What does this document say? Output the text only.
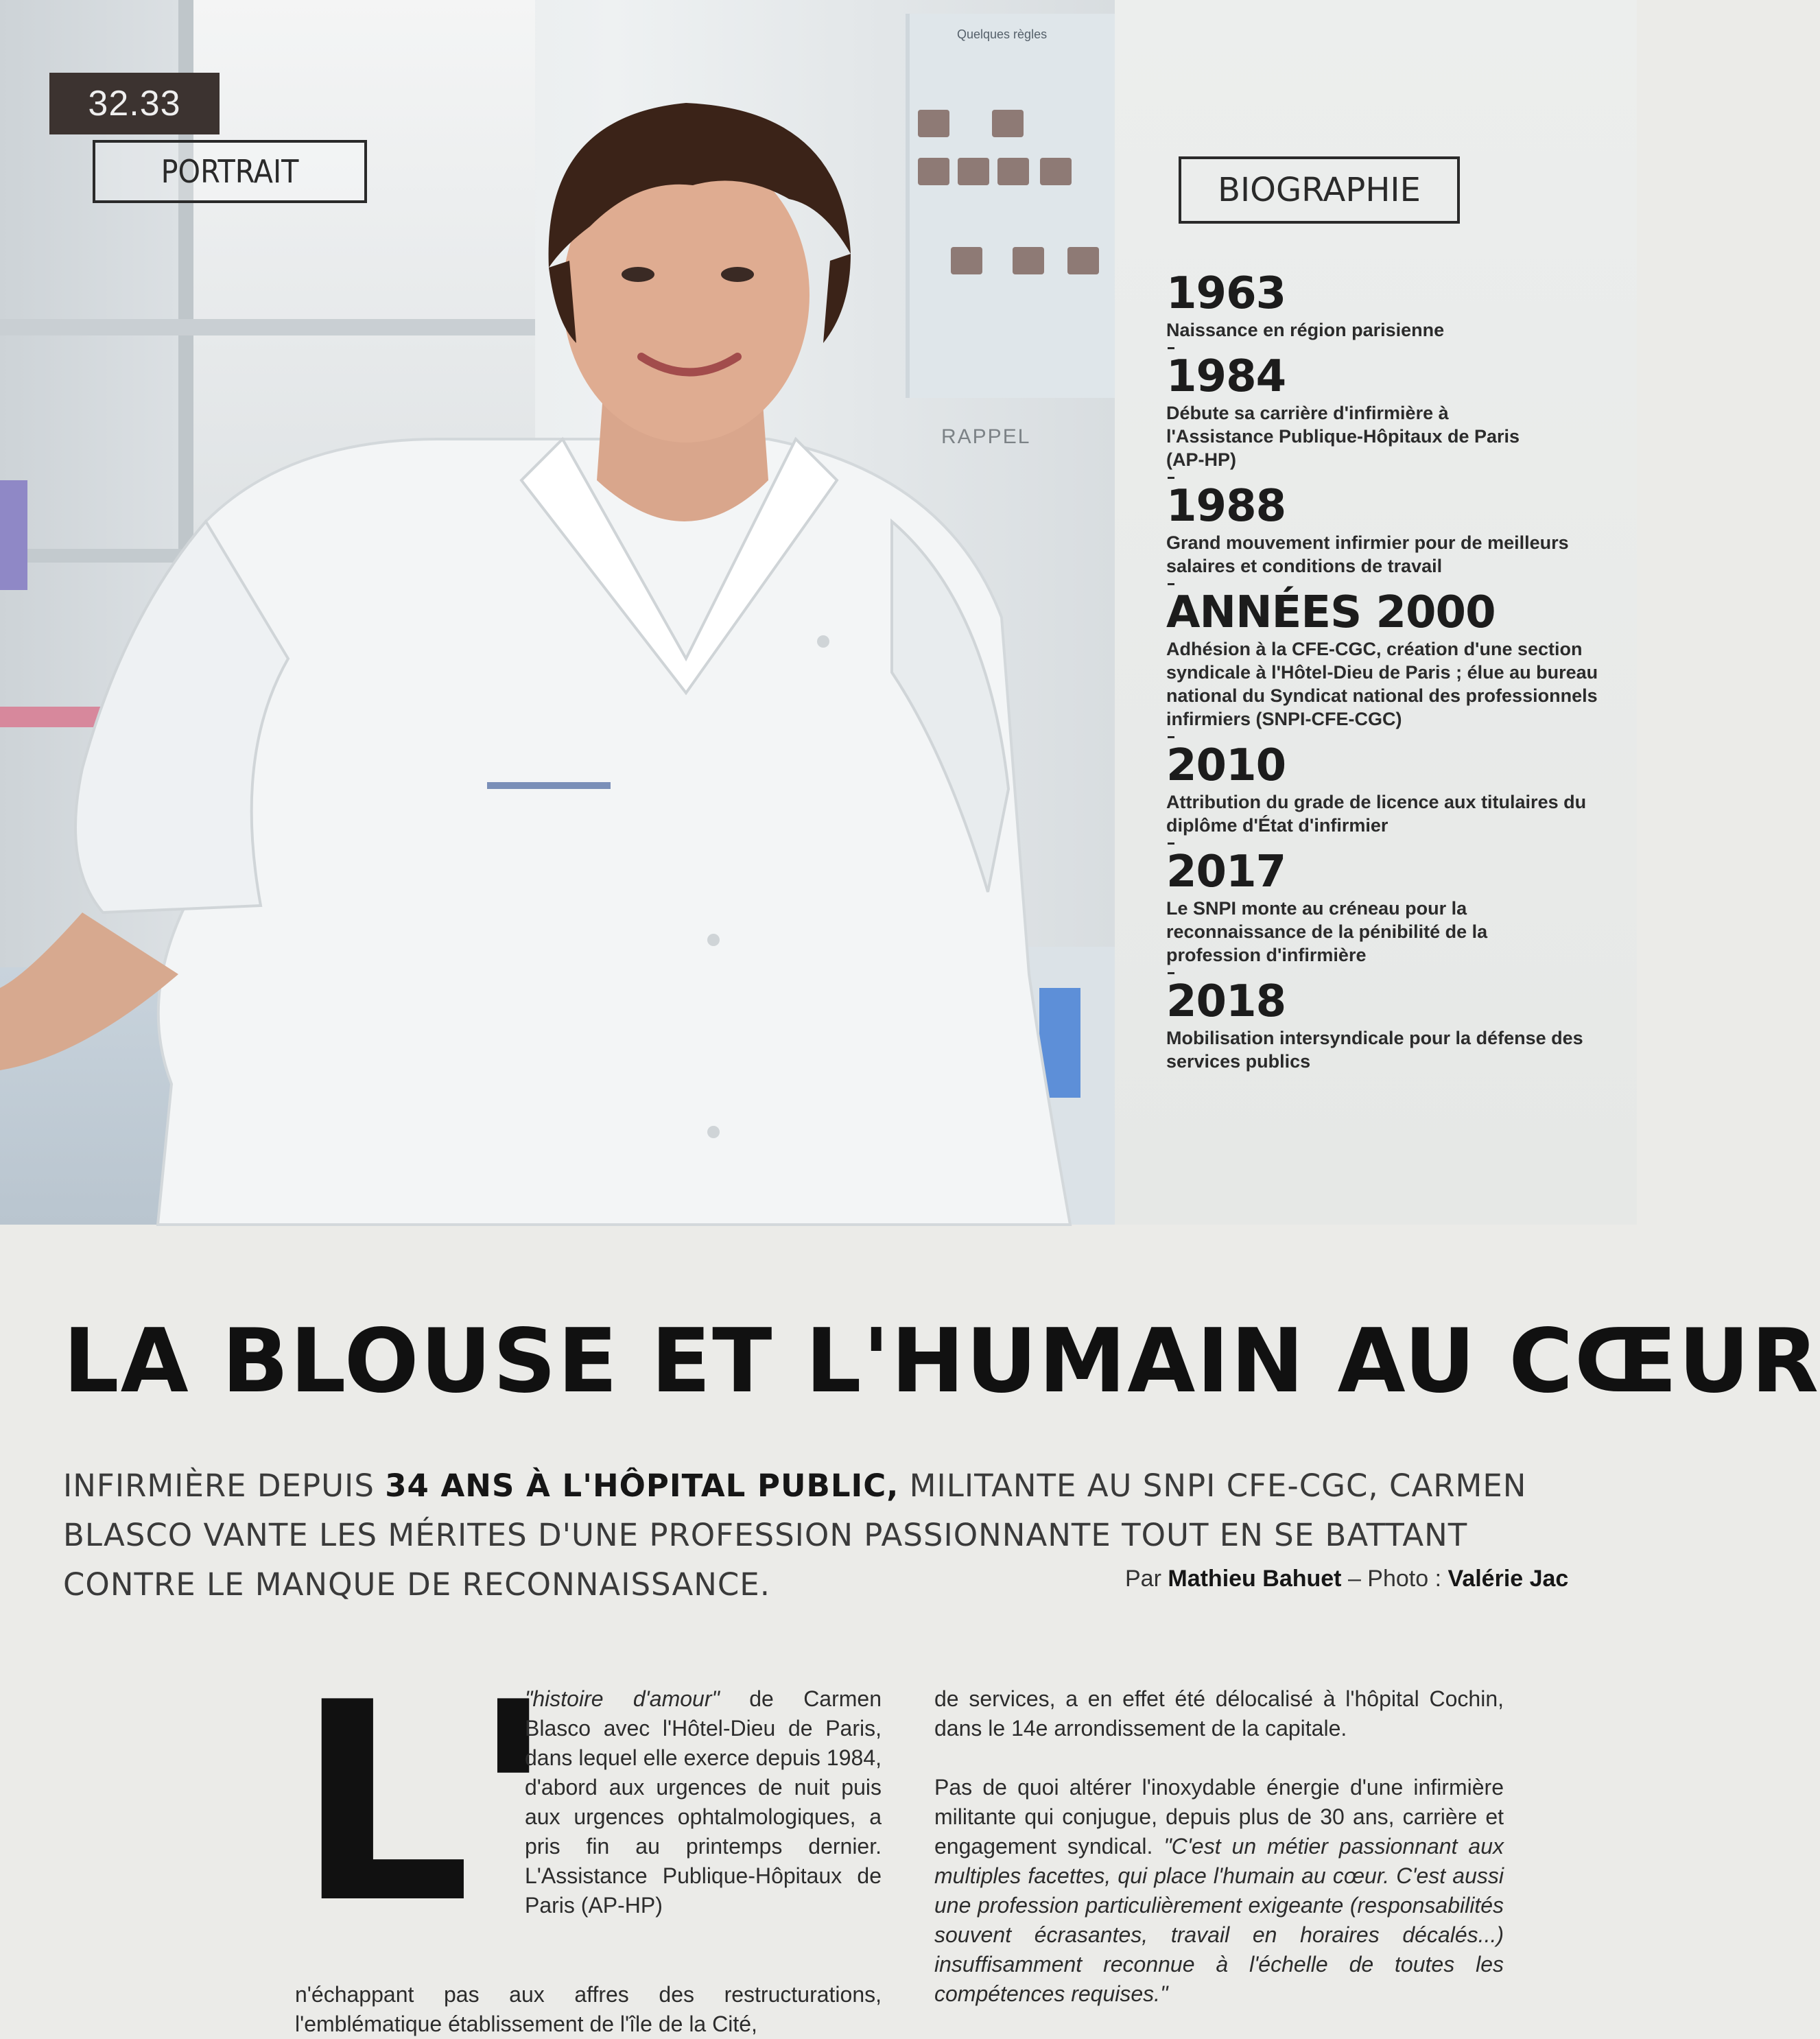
Quelques règles
RAPPEL
32.33
PORTRAIT	BIOGRAPHIE
1963
Naissance en région parisienne
1984
Débute sa carrière d'infirmière à l'Assistance Publique-Hôpitaux de Paris (AP-HP)
1988
Grand mouvement infirmier pour de meilleurs salaires et conditions de travail
ANNÉES 2000
Adhésion à la CFE-CGC, création d'une section syndicale à l'Hôtel-Dieu de Paris ; élue au bureau national du Syndicat national des professionnels infirmiers (SNPI-CFE-CGC)
2010
Attribution du grade de licence aux titulaires du diplôme d'État d'infirmier
2017
Le SNPI monte au créneau pour la reconnaissance de la pénibilité de la profession d'infirmière
2018
Mobilisation intersyndicale pour la défense des services publics
LA BLOUSE ET L'HUMAIN AU CŒUR
INFIRMIÈRE DEPUIS 34 ANS À L'HÔPITAL PUBLIC, MILITANTE AU SNPI CFE-CGC, CARMEN BLASCO VANTE LES MÉRITES D'UNE PROFESSION PASSIONNANTE TOUT EN SE BATTANT CONTRE LE MANQUE DE RECONNAISSANCE.	Par Mathieu Bahuet – Photo : Valérie Jac
L'

"histoire d'amour" de Carmen Blasco avec l'Hôtel-Dieu de Paris, dans lequel elle exerce depuis 1984, d'abord aux urgences de nuit puis aux urgences ophtalmologiques, a pris fin au printemps dernier. L'Assistance Publique-Hôpitaux de Paris (AP-HP)

n'échappant pas aux affres des restructurations, l'emblématique établissement de l'île de la Cité,

de services, a en effet été délocalisé à l'hôpital Cochin, dans le 14e arrondissement de la capitale.

Pas de quoi altérer l'inoxydable énergie d'une infirmière militante qui conjugue, depuis plus de 30 ans, carrière et engagement syndical. "C'est un métier passionnant aux multiples facettes, qui place l'humain au cœur. C'est aussi une profession particulièrement exigeante (responsabilités souvent écrasantes, travail en horaires décalés...) insuffisamment reconnue à l'échelle de toutes les compétences requises."
